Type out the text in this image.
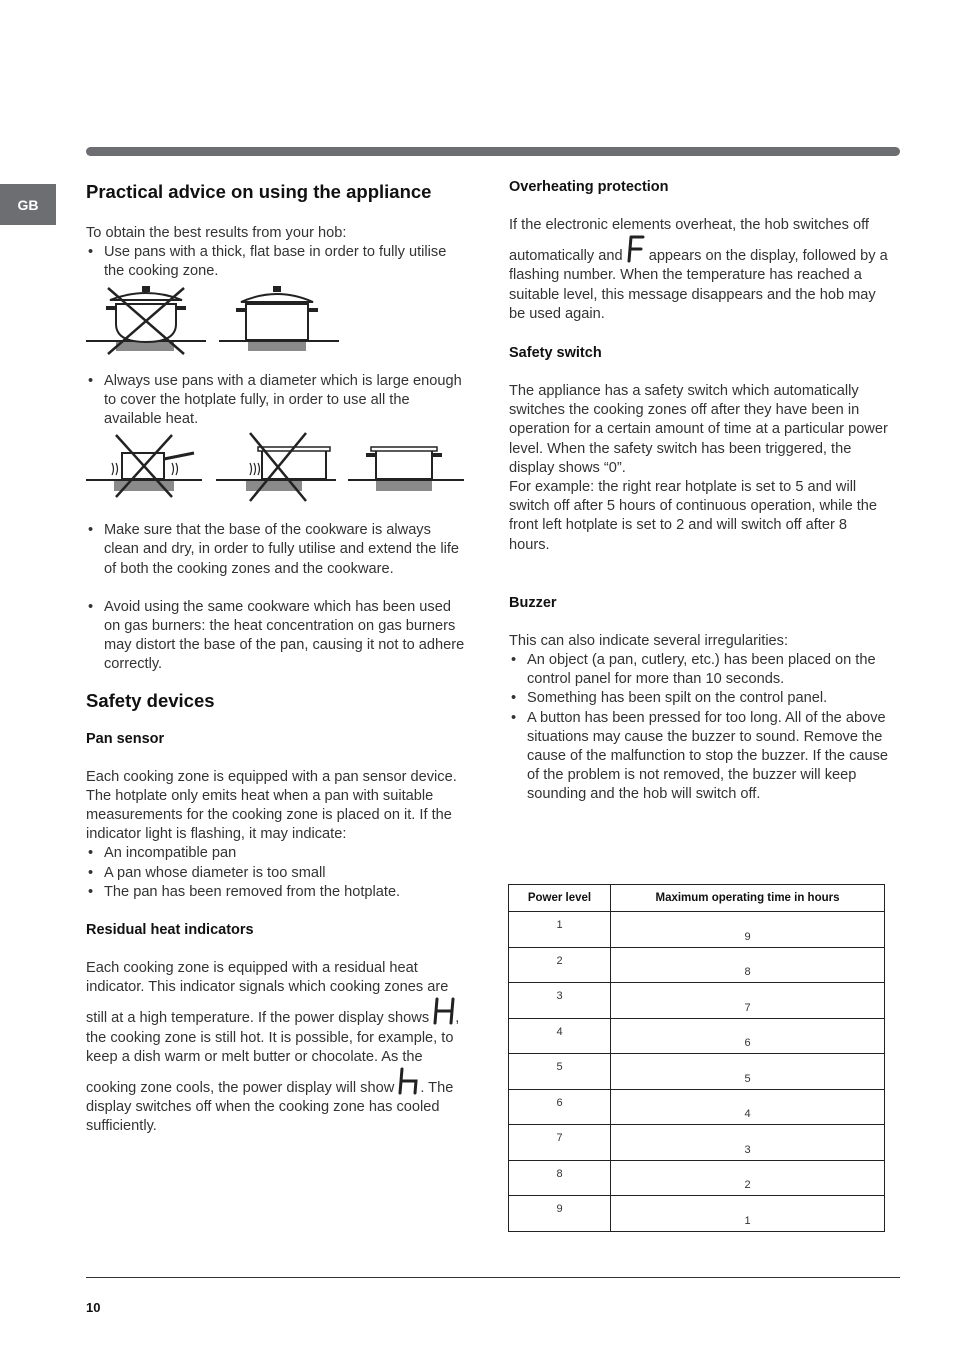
GB
Practical advice on using the appliance

To obtain the best results from your hob:

• Use pans with a thick, flat base in order to fully utilise the cooking zone.
• Always use pans with a diameter which is large enough to cover the hotplate fully, in order to use all the available heat.
• Make sure that the base of the cookware is always clean and dry, in order to fully utilise and extend the life of both the cooking zones and the cookware.
• Avoid using the same cookware which has been used on gas burners: the heat concentration on gas burners may distort the base of the pan, causing it not to adhere correctly.
Safety devices
Pan sensor

Each cooking zone is equipped with a pan sensor device. The hotplate only emits heat when a pan with suitable measurements for the cooking zone is placed on it. If the indicator light is flashing, it may indicate:

• An incompatible pan
• A pan whose diameter is too small
• The pan has been removed from the hotplate.
Residual heat indicators

Each cooking zone is equipped with a residual heat indicator. This indicator signals which cooking zones are still at a high temperature. If the power display shows , the cooking zone is still hot. It is possible, for example, to keep a dish warm or melt butter or chocolate. As the cooking zone cools, the power display will show . The display switches off when the cooking zone has cooled sufficiently.

Overheating protection

If the electronic elements overheat, the hob switches off automatically and appears on the display, followed by a flashing number. When the temperature has reached a suitable level, this message disappears and the hob may be used again.

Safety switch

The appliance has a safety switch which automatically switches the cooking zones off after they have been in operation for a certain amount of time at a particular power level. When the safety switch has been triggered, the display shows “0”.

For example: the right rear hotplate is set to 5 and will switch off after 5 hours of continuous operation, while the front left hotplate is set to 2 and will switch off after 8 hours.

Buzzer

This can also indicate several irregularities:

• An object (a pan, cutlery, etc.) has been placed on the control panel for more than 10 seconds.
• Something has been spilt on the control panel.
• A button has been pressed for too long. All of the above situations may cause the buzzer to sound. Remove the cause of the malfunction to stop the buzzer. If the cause of the problem is not removed, the buzzer will keep sounding and the hob will switch off.
Power level	Maximum operating time in hours
1	9
2	8
3	7
4	6
5	5
6	4
7	3
8	2
9	1
10
